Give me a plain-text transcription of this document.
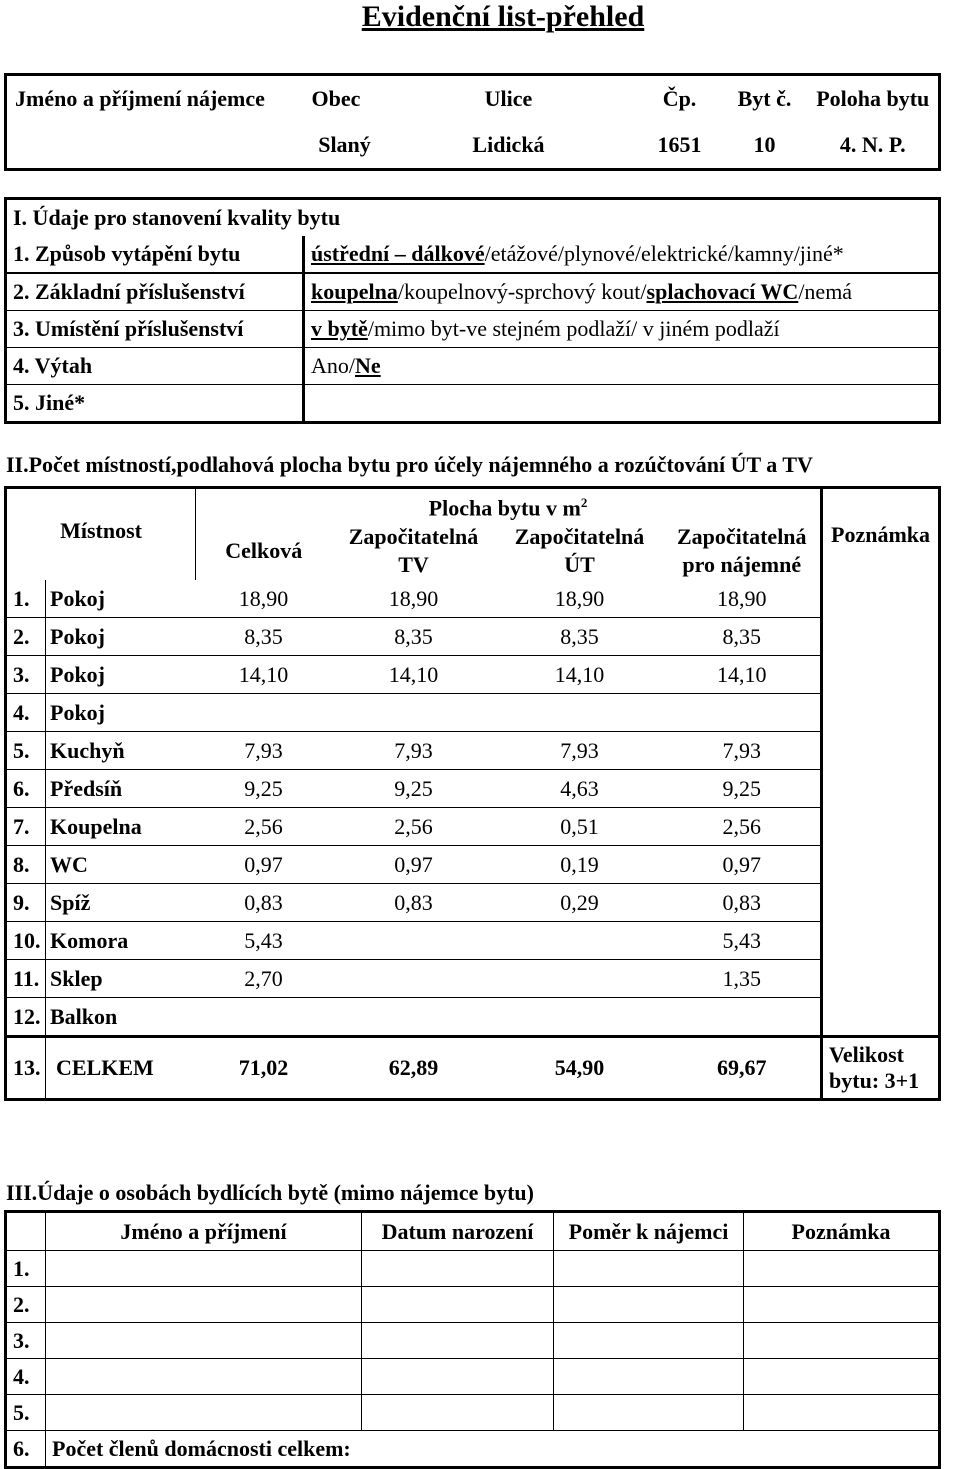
Evidenční list-přehled
Jméno a příjmení nájemce	Obec	Ulice	Čp.	Byt č.	Poloha bytu
	Slaný	Lidická	1651	10	4. N. P.
I. Údaje pro stanovení kvality bytu	
1. Způsob vytápění bytu	ústřední – dálkové/etážové/plynové/elektrické/kamny/jiné*
2. Základní příslušenství	koupelna/koupelnový-sprchový kout/splachovací WC/nemá
3. Umístění příslušenství	v bytě/mimo byt-ve stejném podlaží/ v jiném podlaží
4. Výtah	Ano/Ne
5. Jiné*	
II.Počet místností,podlahová plocha bytu pro účely nájemného a rozúčtování ÚT a TV
Místnost		Plocha bytu v $m^2$				Poznámka
		Celková	Započitatelná TV	Započitatelná ÚT	Započitatelná pro nájemné	
1.	Pokoj	18,90	18,90	18,90	18,90	
2.	Pokoj	8,35	8,35	8,35	8,35	
3.	Pokoj	14,10	14,10	14,10	14,10	
4.	Pokoj					
5.	Kuchyň	7,93	7,93	7,93	7,93	
6.	Předsíň	9,25	9,25	4,63	9,25	
7.	Koupelna	2,56	2,56	0,51	2,56	
8.	WC	0,97	0,97	0,19	0,97	
9.	Spíž	0,83	0,83	0,29	0,83	
10.	Komora	5,43			5,43	
11.	Sklep	2,70			1,35	
12.	Balkon					
13.	CELKEM	71,02	62,89	54,90	69,67	Velikost bytu: 3+1
III.Údaje o osobách bydlících bytě (mimo nájemce bytu)
	Jméno a příjmení	Datum narození	Poměr k nájemci	Poznámka
1.				
2.				
3.				
4.				
5.				
6.	Počet členů domácnosti celkem:			
